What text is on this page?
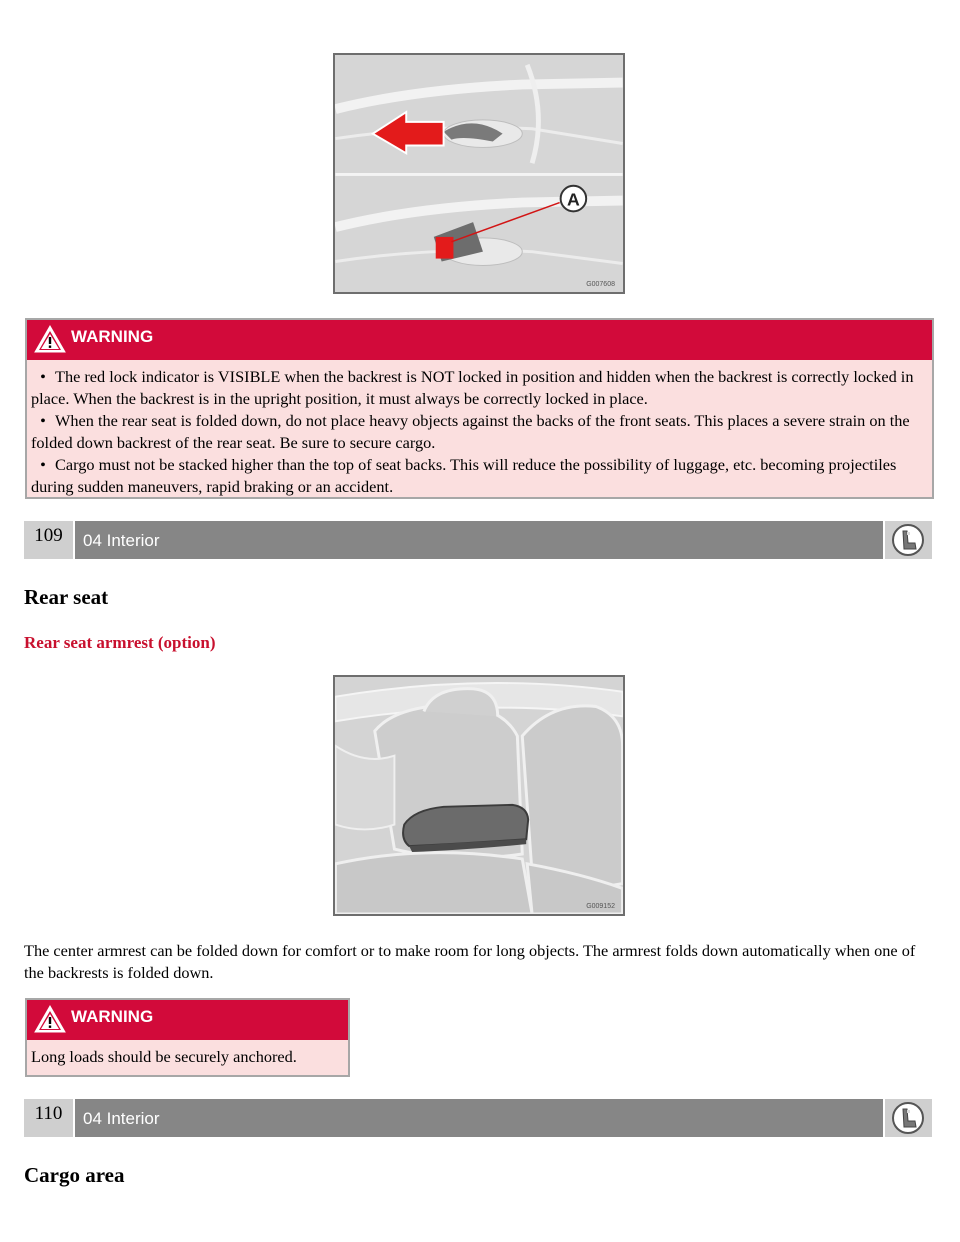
A
G007608
WARNING
• The red lock indicator is VISIBLE when the backrest is NOT locked in position and hidden when the backrest is correctly locked in place. When the backrest is in the upright position, it must always be correctly locked in place.
• When the rear seat is folded down, do not place heavy objects against the backs of the front seats. This places a severe strain on the folded down backrest of the rear seat. Be sure to secure cargo.
• Cargo must not be stacked higher than the top of seat backs. This will reduce the possibility of luggage, etc. becoming projectiles during sudden maneuvers, rapid braking or an accident.
109	04 Interior
Rear seat

Rear seat armrest (option)

G009152

The center armrest can be folded down for comfort or to make room for long objects. The armrest folds down automatically when one of the backrests is folded down.

WARNING
Long loads should be securely anchored.
110	04 Interior
Cargo area
